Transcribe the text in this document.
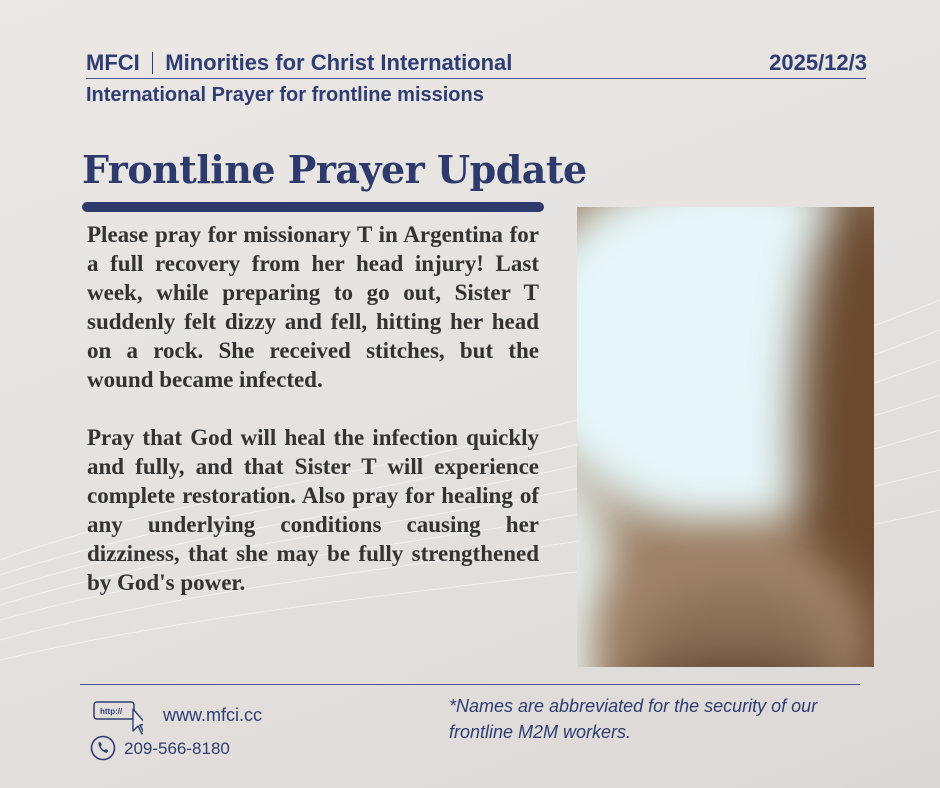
MFCI Minorities for Christ International	2025/12/3
International Prayer for frontline missions
Frontline Prayer Update

Please pray for missionary T in Argentina for a full recovery from her head injury! Last week, while preparing to go out, Sister T suddenly felt dizzy and fell, hitting her head on a rock. She received stitches, but the wound became infected.

Pray that God will heal the infection quickly and fully, and that Sister T will experience complete restoration. Also pray for healing of any underlying conditions causing her dizziness, that she may be fully strengthened by God's power.

http:// www.mfci.cc
209-566-8180
*Names are abbreviated for the security of our frontline M2M workers.
